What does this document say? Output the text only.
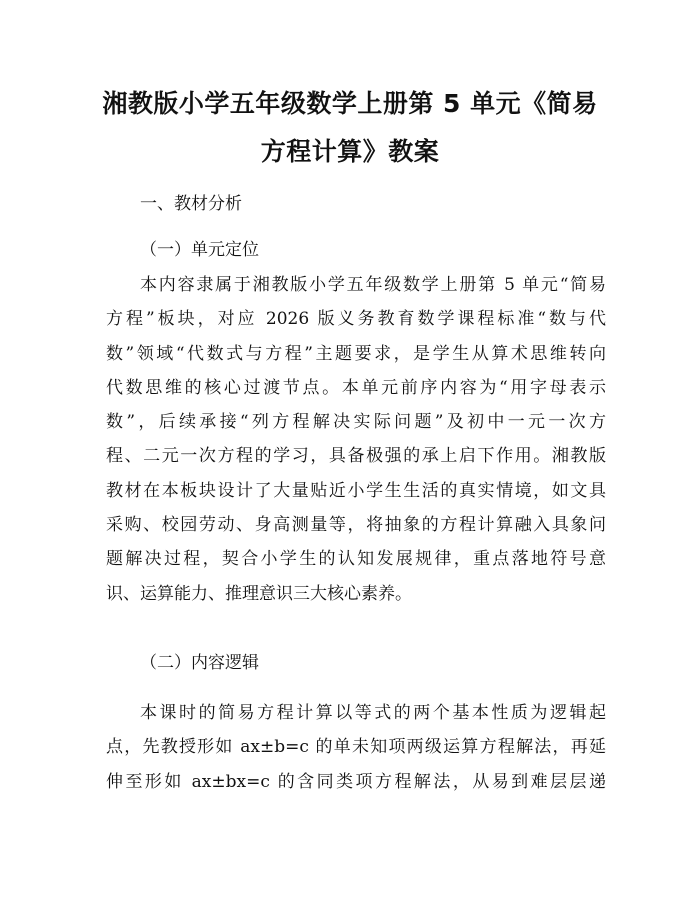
湘教版小学五年级数学上册第 5 单元《简易
方程计算》教案

一、教材分析

（一）单元定位

本内容隶属于湘教版小学五年级数学上册第 5 单元“简易
方程”板块，对应 2026 版义务教育数学课程标准“数与代
数”领域“代数式与方程”主题要求，是学生从算术思维转向
代数思维的核心过渡节点。本单元前序内容为“用字母表示
数”，后续承接“列方程解决实际问题”及初中一元一次方
程、二元一次方程的学习，具备极强的承上启下作用。湘教版
教材在本板块设计了大量贴近小学生生活的真实情境，如文具
采购、校园劳动、身高测量等，将抽象的方程计算融入具象问
题解决过程，契合小学生的认知发展规律，重点落地符号意
识、运算能力、推理意识三大核心素养。

（二）内容逻辑

本课时的简易方程计算以等式的两个基本性质为逻辑起
点，先教授形如 ax±b=c 的单未知项两级运算方程解法，再延
伸至形如 ax±bx=c 的含同类项方程解法，从易到难层层递
